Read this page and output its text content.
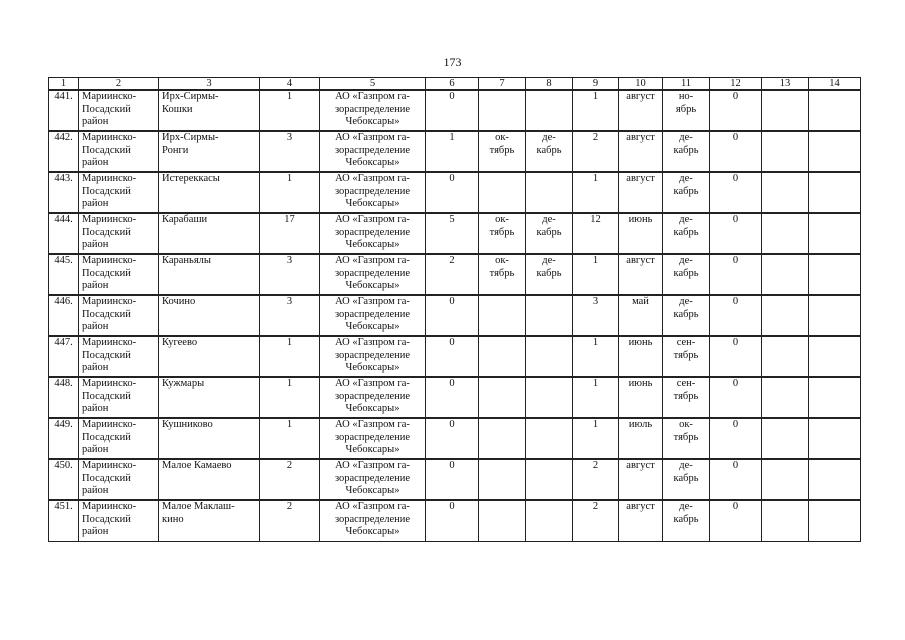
173
1	2	3	4	5	6	7	8	9	10	11	12	13	14
441.	Мариинско-
Посадский
район	Ирх-Сирмы-
Кошки	1	АО «Газпром га-
зораспределение
Чебоксары»	0			1	август	но-
ябрь	0		
442.	Мариинско-
Посадский
район	Ирх-Сирмы-
Ронги	3	АО «Газпром га-
зораспределение
Чебоксары»	1	ок-
тябрь	де-
кабрь	2	август	де-
кабрь	0		
443.	Мариинско-
Посадский
район	Истереккасы	1	АО «Газпром га-
зораспределение
Чебоксары»	0			1	август	де-
кабрь	0		
444.	Мариинско-
Посадский
район	Карабаши	17	АО «Газпром га-
зораспределение
Чебоксары»	5	ок-
тябрь	де-
кабрь	12	июнь	де-
кабрь	0		
445.	Мариинско-
Посадский
район	Караньялы	3	АО «Газпром га-
зораспределение
Чебоксары»	2	ок-
тябрь	де-
кабрь	1	август	де-
кабрь	0		
446.	Мариинско-
Посадский
район	Кочино	3	АО «Газпром га-
зораспределение
Чебоксары»	0			3	май	де-
кабрь	0		
447.	Мариинско-
Посадский
район	Кугеево	1	АО «Газпром га-
зораспределение
Чебоксары»	0			1	июнь	сен-
тябрь	0		
448.	Мариинско-
Посадский
район	Кужмары	1	АО «Газпром га-
зораспределение
Чебоксары»	0			1	июнь	сен-
тябрь	0		
449.	Мариинско-
Посадский
район	Кушниково	1	АО «Газпром га-
зораспределение
Чебоксары»	0			1	июль	ок-
тябрь	0		
450.	Мариинско-
Посадский
район	Малое Камаево	2	АО «Газпром га-
зораспределение
Чебоксары»	0			2	август	де-
кабрь	0		
451.	Мариинско-
Посадский
район	Малое Маклаш-
кино	2	АО «Газпром га-
зораспределение
Чебоксары»	0			2	август	де-
кабрь	0		
